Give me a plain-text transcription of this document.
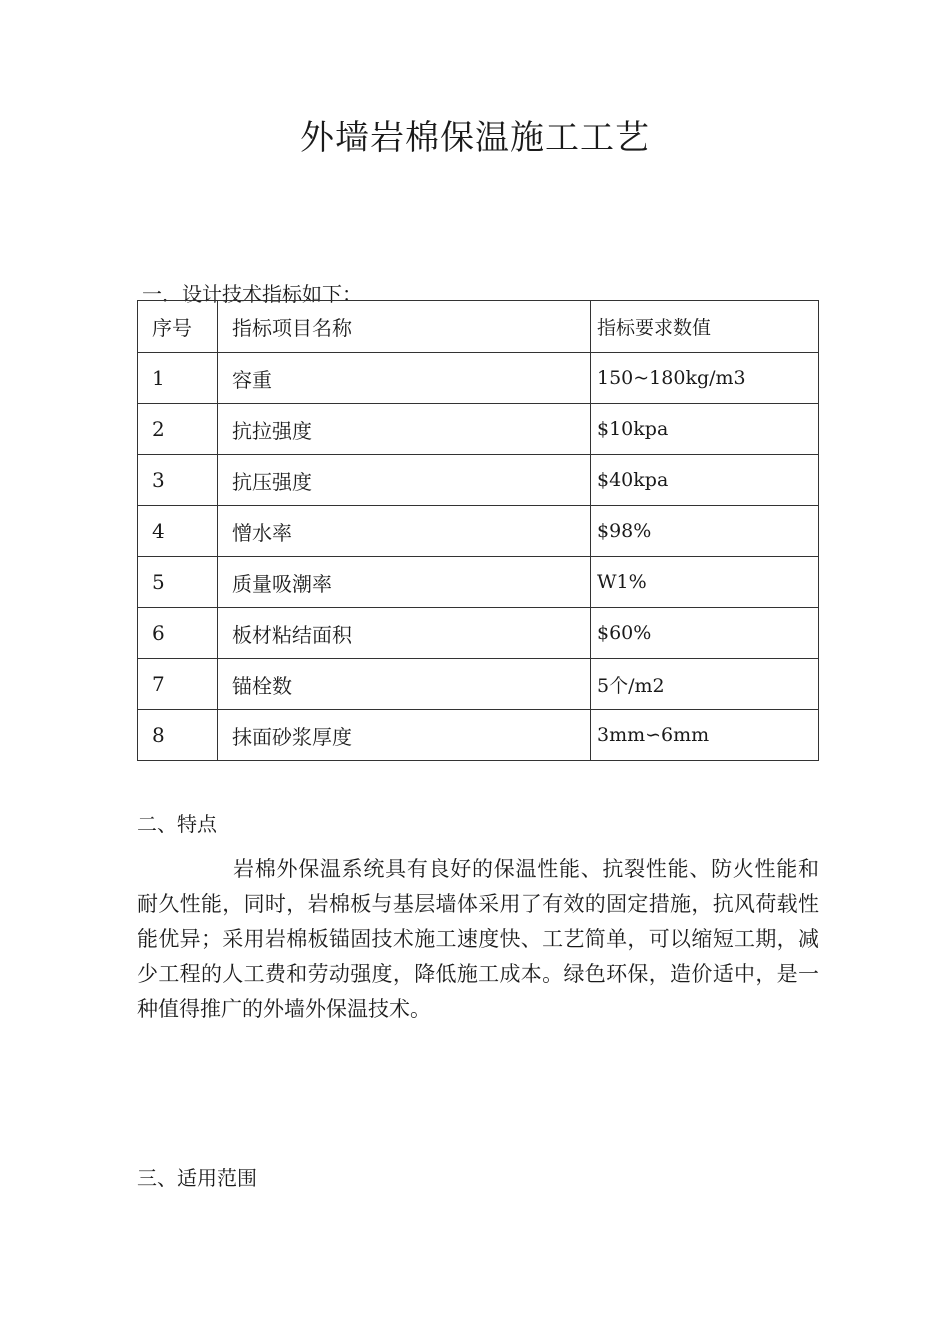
外墙岩棉保温施工工艺
一．设计技术指标如下：
序号	指标项目名称	指标要求数值
1	容重	150~180kg/m3
2	抗拉强度	$10kpa
3	抗压强度	$40kpa
4	憎水率	$98%
5	质量吸潮率	W1%
6	板材粘结面积	$60%
7	锚栓数	5个/m2
8	抹面砂浆厚度	3mm∽6mm
二、特点

岩棉外保温系统具有良好的保温性能、抗裂性能、防火性能和耐久性能，同时，岩棉板与基层墙体采用了有效的固定措施，抗风荷载性能优异；采用岩棉板锚固技术施工速度快、工艺简单，可以缩短工期，减少工程的人工费和劳动强度，降低施工成本。绿色环保，造价适中，是一种值得推广的外墙外保温技术。

三、适用范围
